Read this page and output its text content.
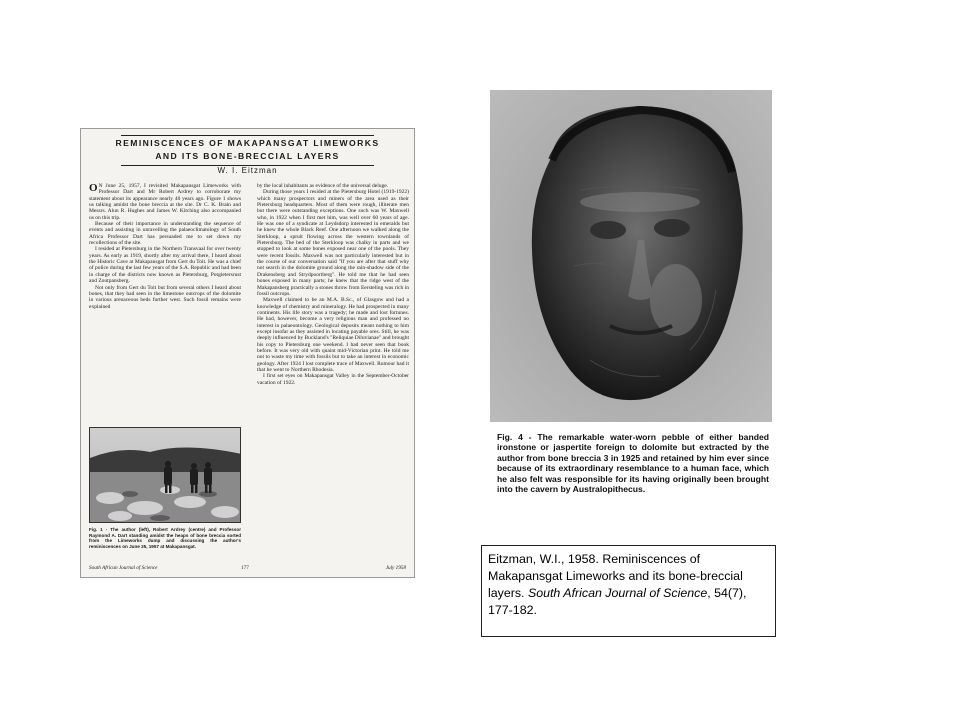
REMINISCENCES OF MAKAPANSGAT LIMEWORKS
AND ITS BONE-BRECCIAL LAYERS
W. I. Eitzman

O N June 25, 1957, I revisited Makapansgat Limeworks with Professor Dart and Mr Robert Ardrey to corroborate my statement about its appearance nearly 40 years ago. Figure 1 shows us talking amidst the bone breccia at the site. Dr C. K. Brain and Messrs. Alun R. Hughes and James W. Kitching also accompanied us on this trip.

Because of their importance in understanding the sequence of events and assisting in unravelling the palaeoclimatology of South Africa Professor Dart has persuaded me to set down my recollections of the site.

I resided at Pietersburg in the Northern Transvaal for over twenty years. As early as 1919, shortly after my arrival there, I heard about the Historic Cave at Makapansgat from Gert du Toit. He was a chief of police during the last few years of the S.A. Republic and had been in charge of the districts now known as Pietersburg, Potgietersrust and Zoutpansberg.

Not only from Gert du Toit but from several others I heard about bones, that they had seen in the limestone outcrops of the dolomite in various arenaceous beds further west. Such fossil remains were explained

Fig. 1 - The author (left), Robert Ardrey (centre) and Professor Raymond A. Dart standing amidst the heaps of bone breccia sorted from the Limeworks dump and discussing the author's reminiscences on June 25, 1957 at Makapansgat.

by the local inhabitants as evidence of the universal deluge.

During those years I resided at the Pietersburg Hotel (1919-1922) which many prospectors and miners of the area used as their Pietersburg headquarters. Most of them were rough, illiterate men but there were outstanding exceptions. One such was W. Maxwell who, in 1922 when I first met him, was well over 60 years of age. He was one of a syndicate at Leydsdorp interested in emeralds but he knew the whole Black Reef. One afternoon we walked along the Sterkloop, a spruit flowing across the western townlands of Pietersburg. The bed of the Sterkloop was chalky in parts and we stopped to look at some bones exposed near one of the pools. They were recent fossils. Maxwell was not particularly interested but in the course of our conversation said "If you are after that stuff why not search in the dolomite ground along the rain-shadow side of the Drakensberg and Strydpoortberg". He told me that he had seen bones exposed in many parts; he knew that the ridge west of the Makapansberg practically a stones throw from Eersteling was rich in fossil outcrops.

Maxwell claimed to be an M.A. B.Sc., of Glasgow and had a knowledge of chemistry and mineralogy. He had prospected in many continents. His life story was a tragedy; he made and lost fortunes. He had, however, become a very religious man and professed no interest in palaeontology. Geological deposits meant nothing to him except insofar as they assisted in locating payable ores. Still, he was deeply influenced by Buckland's "Reliquiae Diluvianae" and brought his copy to Pietersburg one weekend. I had never seen that book before. It was very old with quaint mid-Victorian print. He told me not to waste my time with fossils but to take an interest in economic geology. After 1924 I lost complete trace of Maxwell. Rumour had it that he went to Northern Rhodesia.

I first set eyes on Makapansgat Valley in the September-October vacation of 1922.

South African Journal of Science	177	July 1958
Fig. 4 - The remarkable water-worn pebble of either banded ironstone or jaspertite foreign to dolomite but extracted by the author from bone breccia 3 in 1925 and retained by him ever since because of its extraordinary resemblance to a human face, which he also felt was responsible for its having originally been brought into the cavern by Australopithecus.
Eitzman, W.I., 1958. Reminiscences of Makapansgat Limeworks and its bone-breccial layers. South African Journal of Science, 54(7), 177-182.
